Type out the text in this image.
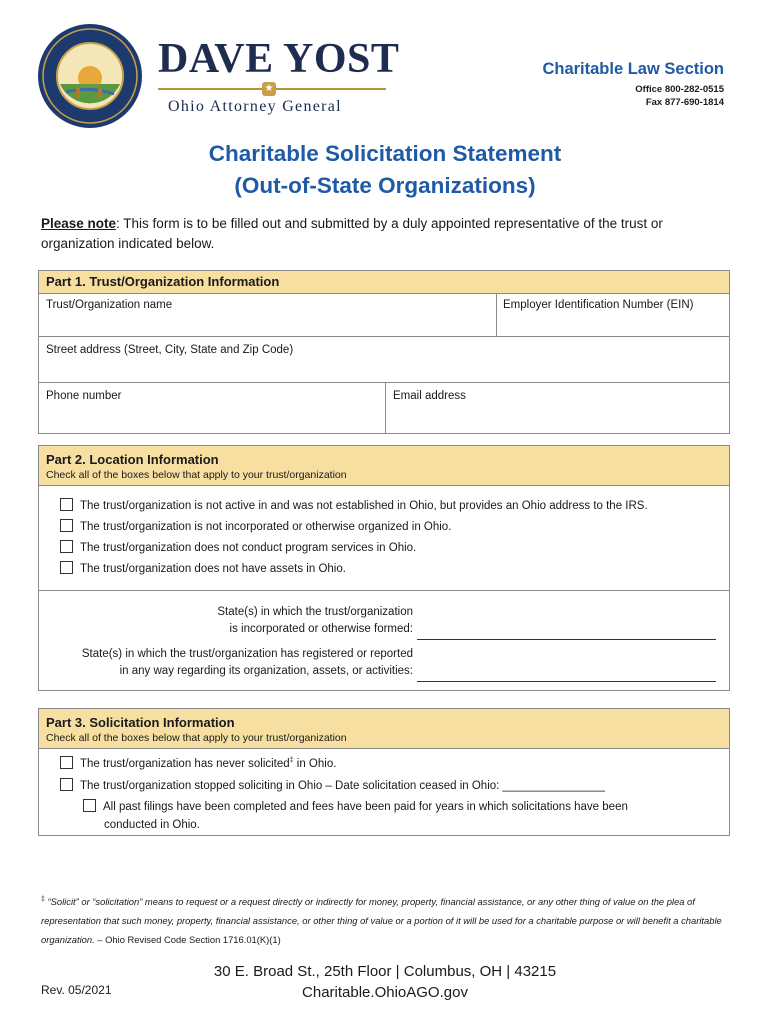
DAVE YOST
★
Ohio Attorney General
Charitable Law Section
Office 800-282-0515
Fax 877-690-1814
Charitable Solicitation Statement
(Out-of-State Organizations)
Please note: This form is to be filled out and submitted by a duly appointed representative of the trust or organization indicated below.
Part 1. Trust/Organization Information
Trust/Organization name	Employer Identification Number (EIN)
Street address (Street, City, State and Zip Code)
Phone number	Email address
Part 2. Location Information
Check all of the boxes below that apply to your trust/organization
The trust/organization is not active in and was not established in Ohio, but provides an Ohio address to the IRS.
The trust/organization is not incorporated or otherwise organized in Ohio.
The trust/organization does not conduct program services in Ohio.
The trust/organization does not have assets in Ohio.
State(s) in which the trust/organization
is incorporated or otherwise formed:
State(s) in which the trust/organization has registered or reported
in any way regarding its organization, assets, or activities:
Part 3. Solicitation Information
Check all of the boxes below that apply to your trust/organization
The trust/organization has never solicited‡ in Ohio.
The trust/organization stopped soliciting in Ohio – Date solicitation ceased in Ohio: ________________
All past filings have been completed and fees have been paid for years in which solicitations have been
conducted in Ohio.
‡ “Solicit” or “solicitation” means to request or a request directly or indirectly for money, property, financial assistance, or any other thing of value on the plea of representation that such money, property, financial assistance, or other thing of value or a portion of it will be used for a charitable purpose or will benefit a charitable organization. – Ohio Revised Code Section 1716.01(K)(1)
Rev. 05/2021
30 E. Broad St., 25th Floor | Columbus, OH | 43215
Charitable.OhioAGO.gov
